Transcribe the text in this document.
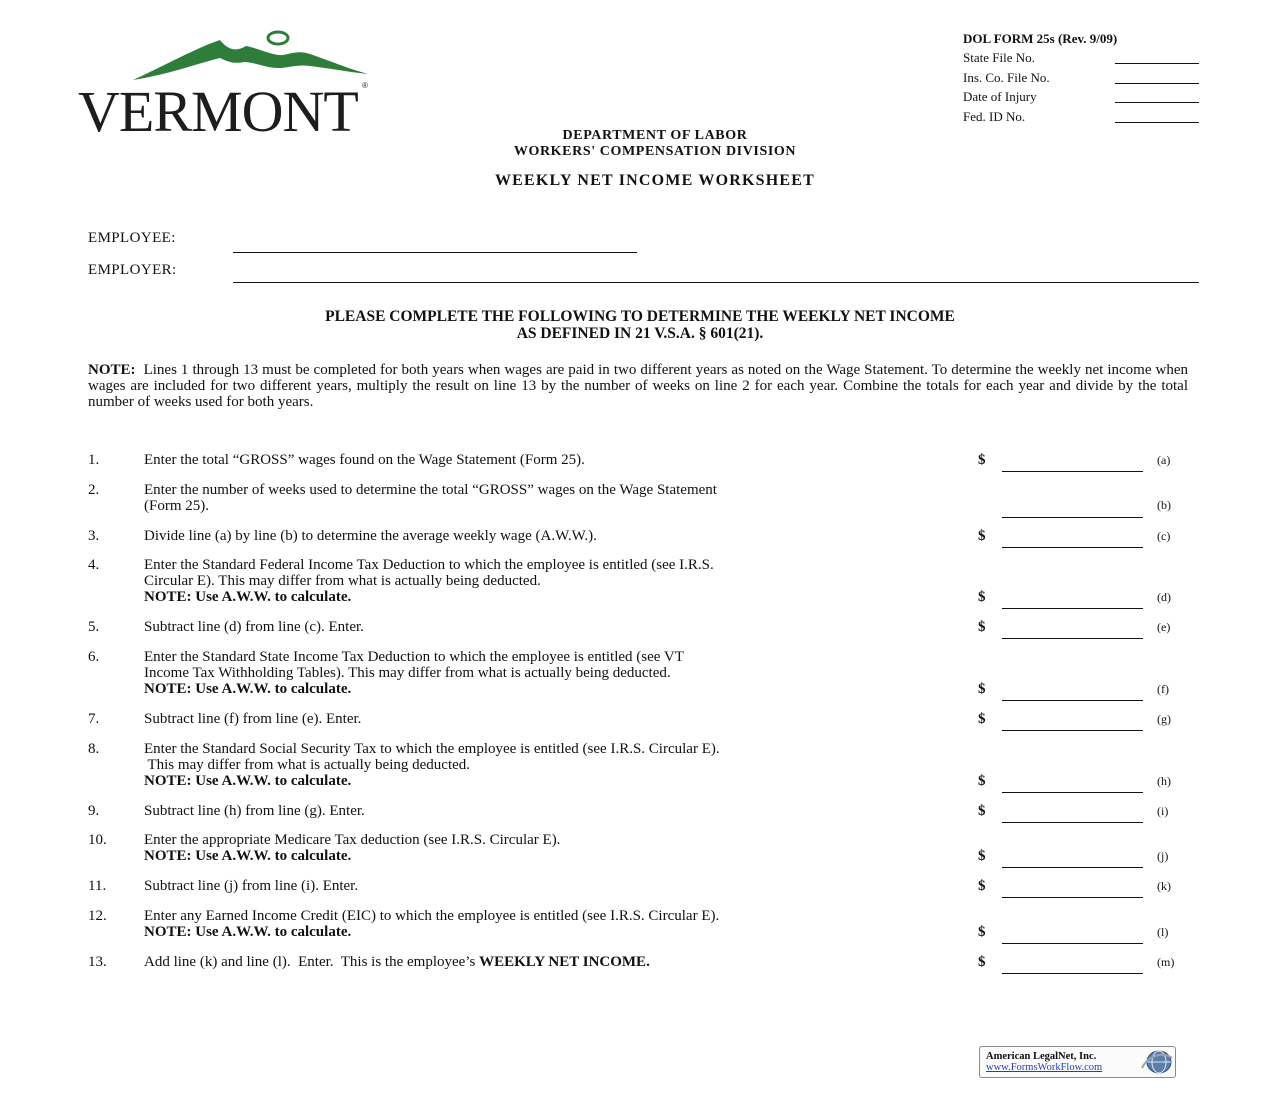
®
VERMONT
DOL FORM 25s (Rev. 9/09)
State File No.
Ins. Co. File No.
Date of Injury
Fed. ID No.
DEPARTMENT OF LABOR
WORKERS' COMPENSATION DIVISION
WEEKLY NET INCOME WORKSHEET
EMPLOYEE:
EMPLOYER:
PLEASE COMPLETE THE FOLLOWING TO DETERMINE THE WEEKLY NET INCOME
AS DEFINED IN 21 V.S.A. § 601(21).
NOTE: Lines 1 through 13 must be completed for both years when wages are paid in two different years as noted on the Wage Statement. To determine the weekly net income when wages are included for two different years, multiply the result on line 13 by the number of weeks on line 2 for each year. Combine the totals for each year and divide by the total number of weeks used for both years.
1.	Enter the total “GROSS” wages found on the Wage Statement (Form 25).	$	(a)
2.	Enter the number of weeks used to determine the total “GROSS” wages on the Wage Statement
(Form 25).	(b)
3.	Divide line (a) by line (b) to determine the average weekly wage (A.W.W.).	$	(c)
4.	Enter the Standard Federal Income Tax Deduction to which the employee is entitled (see I.R.S.
Circular E). This may differ from what is actually being deducted.
NOTE: Use A.W.W. to calculate.	$	(d)
5.	Subtract line (d) from line (c). Enter.	$	(e)
6.	Enter the Standard State Income Tax Deduction to which the employee is entitled (see VT
Income Tax Withholding Tables). This may differ from what is actually being deducted.
NOTE: Use A.W.W. to calculate.	$	(f)
7.	Subtract line (f) from line (e). Enter.	$	(g)
8.	Enter the Standard Social Security Tax to which the employee is entitled (see I.R.S. Circular E).
This may differ from what is actually being deducted.
NOTE: Use A.W.W. to calculate.	$	(h)
9.	Subtract line (h) from line (g). Enter.	$	(i)
10. Enter the appropriate Medicare Tax deduction (see I.R.S. Circular E).
NOTE: Use A.W.W. to calculate.	$	(j)
11.	Subtract line (j) from line (i). Enter.	$	(k)
12. Enter any Earned Income Credit (EIC) to which the employee is entitled (see I.R.S. Circular E).
NOTE: Use A.W.W. to calculate.	$	(l)
13. Add line (k) and line (l).  Enter.  This is the employee’s WEEKLY NET INCOME.	$	(m)
American LegalNet, Inc.
www.FormsWorkFlow.com
